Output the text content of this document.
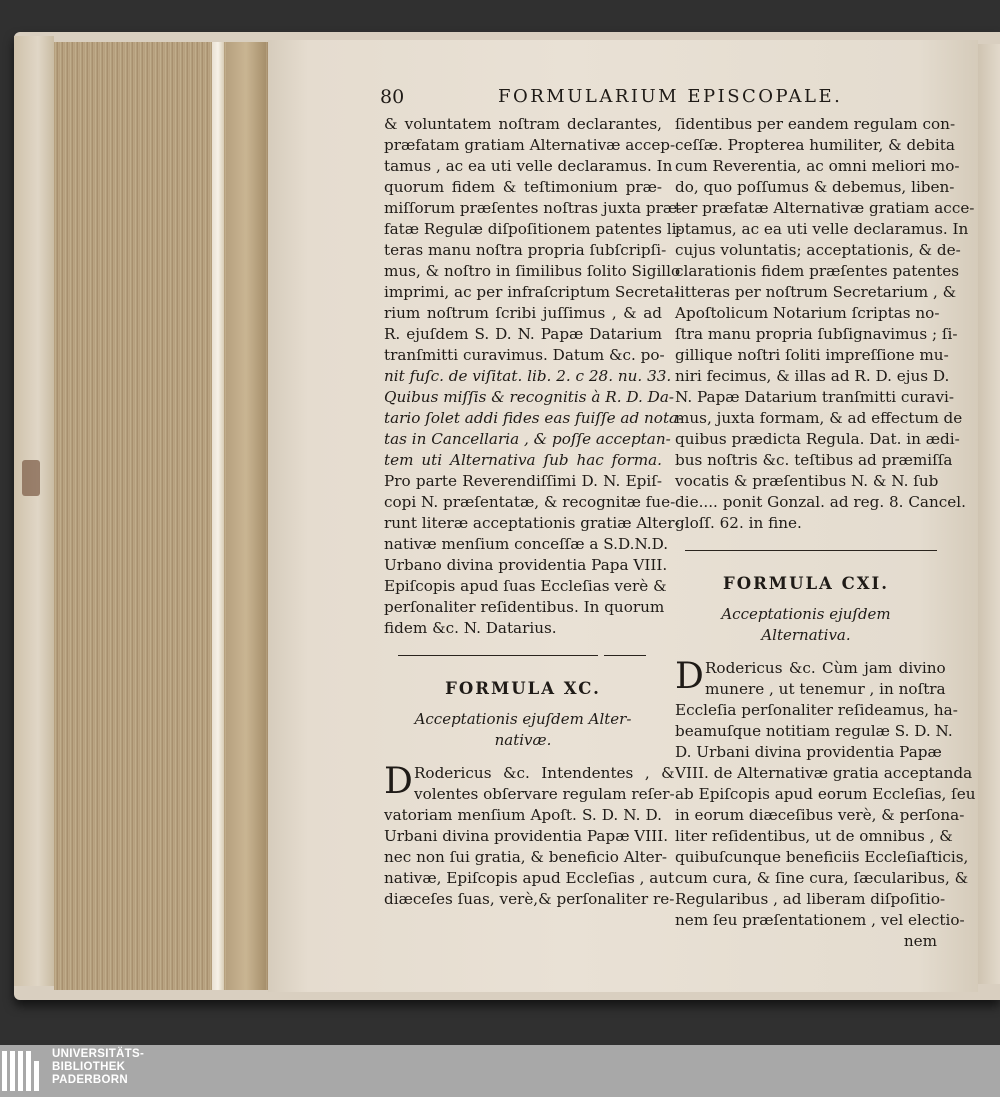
80	FORMULARIUM EPISCOPALE.

& voluntatem noſtram declarantes,
præfatam gratiam Alternativæ accep-
tamus , ac ea uti velle declaramus. In
quorum fidem & teſtimonium præ-
miſſorum præſentes noſtras juxta præ-
fatæ Regulæ diſpoſitionem patentes li-
teras manu noſtra propria ſubſcripſi-
mus, & noſtro in ſimilibus ſolito Sigillo
imprimi, ac per infraſcriptum Secreta-
rium noſtrum ſcribi juſſimus , & ad
R. ejuſdem S. D. N. Papæ Datarium
tranſmitti curavimus. Datum &c. po-
nit fuſc. de viſitat. lib. 2. c 28. nu. 33.
Quibus miſſis & recognitis à R. D. Da-
tario ſolet addi fides eas fuiſſe ad nota-
tas in Cancellaria , & poſſe acceptan-
tem uti Alternativa ſub hac forma.
Pro parte Reverendiſſimi D. N. Epiſ-
copi N. præſentatæ, & recognitæ fue-
runt literæ acceptationis gratiæ Alter-
nativæ menſium conceſſæ a S.D.N.D.
Urbano divina providentia Papa VIII.
Epiſcopis apud ſuas Eccleſias verè &
perſonaliter reſidentibus. In quorum
fidem &c. N. Datarius.
FORMULA XC.

Acceptationis ejuſdem Alter-
nativæ.

D Rodericus &c. Intendentes , &
volentes obſervare regulam reſer-
vatoriam menſium Apoſt. S. D. N. D.
Urbani divina providentia Papæ VIII.
nec non ſui gratia, & beneficio Alter-
nativæ, Epiſcopis apud Eccleſias , aut
diæceſes ſuas, verè,& perſonaliter re-
ſidentibus per eandem regulam con-
ceſſæ. Propterea humiliter, & debita
cum Reverentia, ac omni meliori mo-
do, quo poſſumus & debemus, liben-
ter præfatæ Alternativæ gratiam acce-
ptamus, ac ea uti velle declaramus. In
cujus voluntatis; acceptationis, & de-
clarationis fidem præſentes patentes
litteras per noſtrum Secretarium , &
Apoſtolicum Notarium ſcriptas no-
ſtra manu propria ſubſignavimus ; ſi-
gillique noſtri ſoliti impreſſione mu-
niri fecimus, & illas ad R. D. ejus D.
N. Papæ Datarium tranſmitti curavi-
mus, juxta formam, & ad effectum de
quibus prædicta Regula. Dat. in ædi-
bus noſtris &c. teſtibus ad præmiſſa
vocatis & præſentibus N. & N. ſub
die.... ponit Gonzal. ad reg. 8. Cancel.
gloſſ. 62. in fine.
FORMULA CXI.

Acceptationis ejuſdem Alternativa.

D Rodericus &c. Cùm jam divino
munere , ut tenemur , in noſtra
Eccleſia perſonaliter reſideamus, ha-
beamuſque notitiam regulæ S. D. N.
D. Urbani divina providentia Papæ
VIII. de Alternativæ gratia acceptanda
ab Epiſcopis apud eorum Eccleſias, ſeu
in eorum diæceſibus verè, & perſona-
liter reſidentibus, ut de omnibus , &
quibuſcunque beneficiis Eccleſiaſticis,
cum cura, & ſine cura, ſæcularibus, &
Regularibus , ad liberam diſpoſitio-
nem ſeu præſentationem , vel electio-
nem
UNIVERSITÄTS-
BIBLIOTHEK
PADERBORN
